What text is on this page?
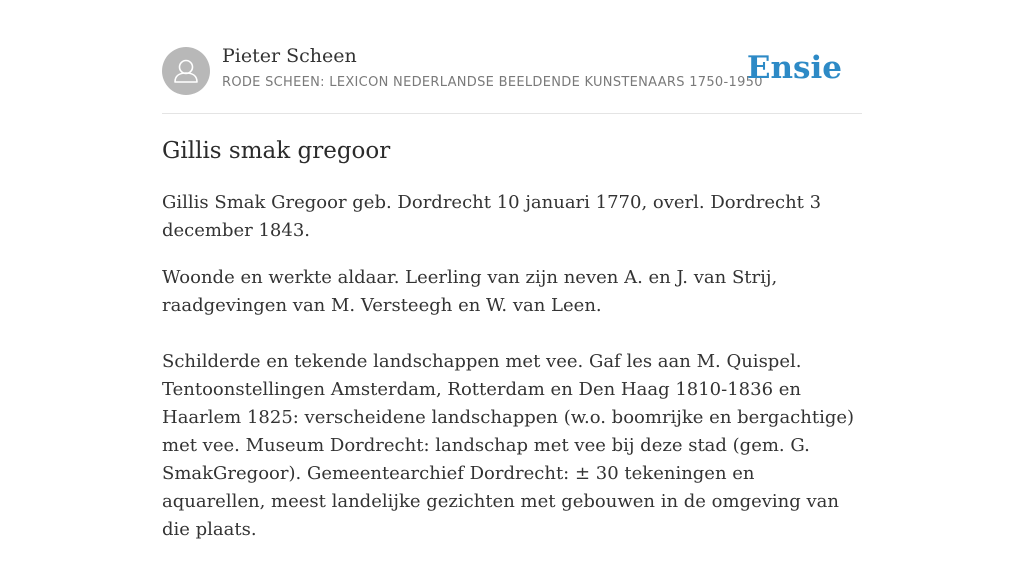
Pieter Scheen
RODE SCHEEN: LEXICON NEDERLANDSE BEELDENDE KUNSTENAARS 1750-1950
Ensie
Gillis smak gregoor

Gillis Smak Gregoor geb. Dordrecht 10 januari 1770, overl. Dordrecht 3 december 1843.

Woonde en werkte aldaar. Leerling van zijn neven A. en J. van Strij, raadgevingen van M. Versteegh en W. van Leen.

Schilderde en tekende landschappen met vee. Gaf les aan M. Quispel. Tentoonstellingen Amsterdam, Rotterdam en Den Haag 1810-1836 en Haarlem 1825: verscheidene landschappen (w.o. boomrijke en bergachtige) met vee. Museum Dordrecht: landschap met vee bij deze stad (gem. G. SmakGregoor). Gemeentearchief Dordrecht: ± 30 tekeningen en aquarellen, meest landelijke gezichten met gebouwen in de omgeving van die plaats.
